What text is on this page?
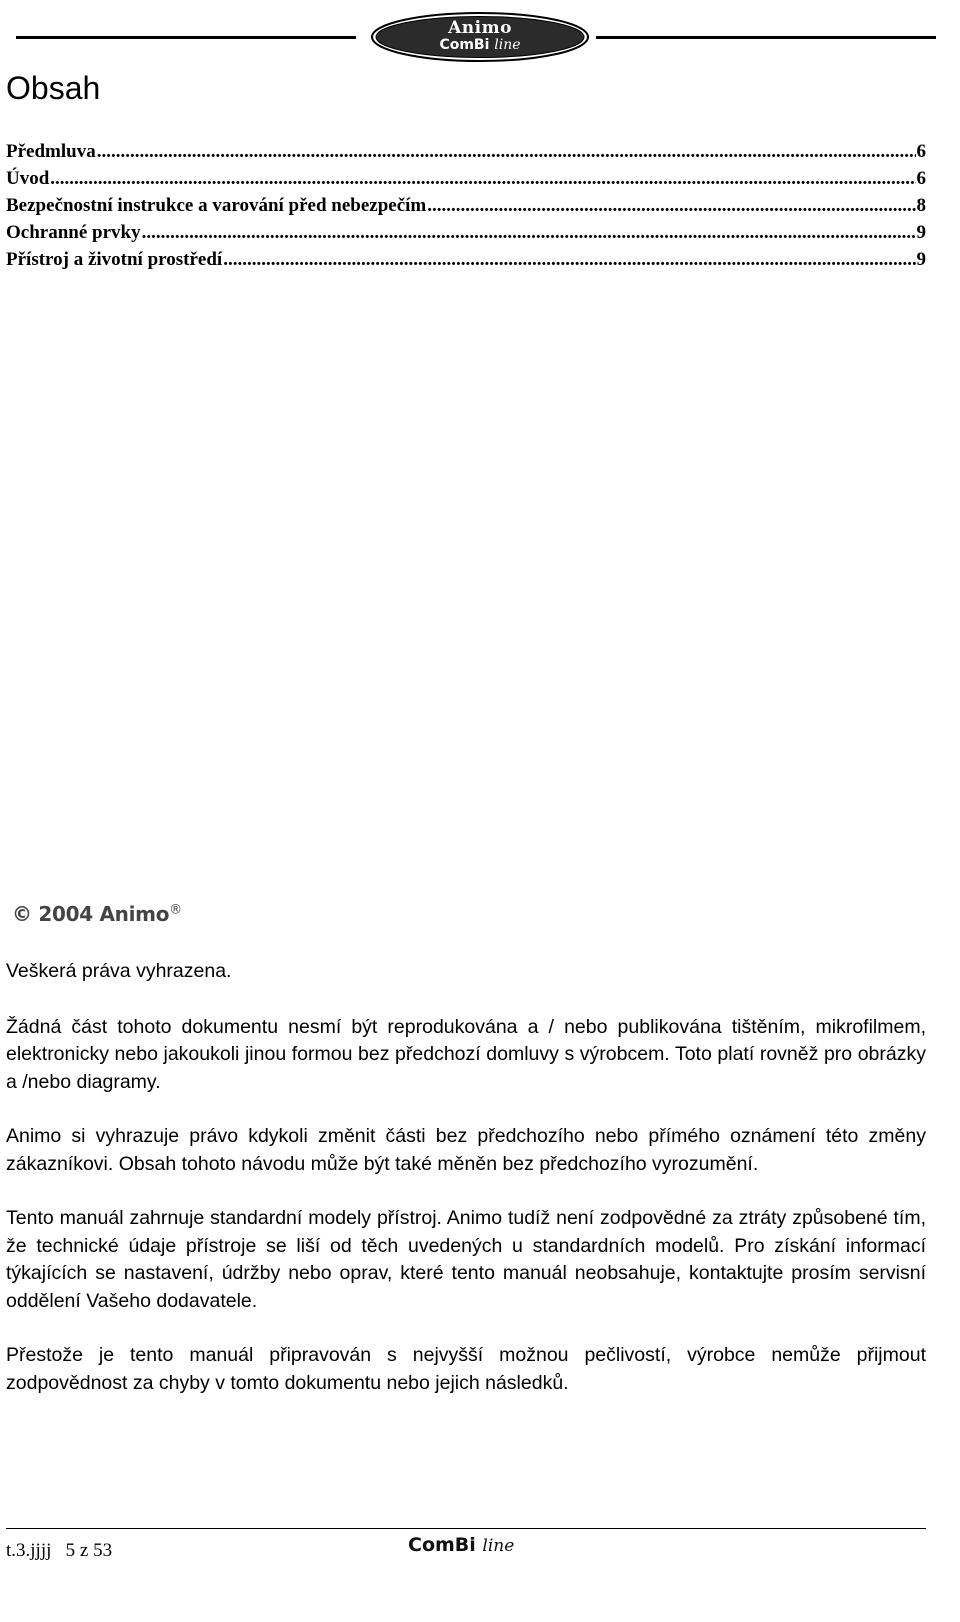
Animo
ComBi line
Obsah
Předmluva .....	6
Úvod .....	6
Bezpečnostní instrukce a varování před nebezpečím .....	8
Ochranné prvky .....	9
Přístroj a životní prostředí .....	9
© 2004 Animo®

Veškerá práva vyhrazena.

Žádná část tohoto dokumentu nesmí být reprodukována a / nebo publikována tištěním, mikrofilmem, elektronicky nebo jakoukoli jinou formou bez předchozí domluvy s výrobcem. Toto platí rovněž pro obrázky a /nebo diagramy.

Animo si vyhrazuje právo kdykoli změnit části bez předchozího nebo přímého oznámení této změny zákazníkovi. Obsah tohoto návodu může být také měněn bez předchozího vyrozumění.

Tento manuál zahrnuje standardní modely přístroj. Animo tudíž není zodpovědné za ztráty způsobené tím, že technické údaje přístroje se liší od těch uvedených u standardních modelů. Pro získání informací týkajících se nastavení, údržby nebo oprav, které tento manuál neobsahuje, kontaktujte prosím servisní oddělení Vašeho dodavatele.

Přestože je tento manuál připravován s nejvyšší možnou pečlivostí, výrobce nemůže přijmout zodpovědnost za chyby v tomto dokumentu nebo jejich následků.

t.3.jjjj   5 z 53	ComBi line
